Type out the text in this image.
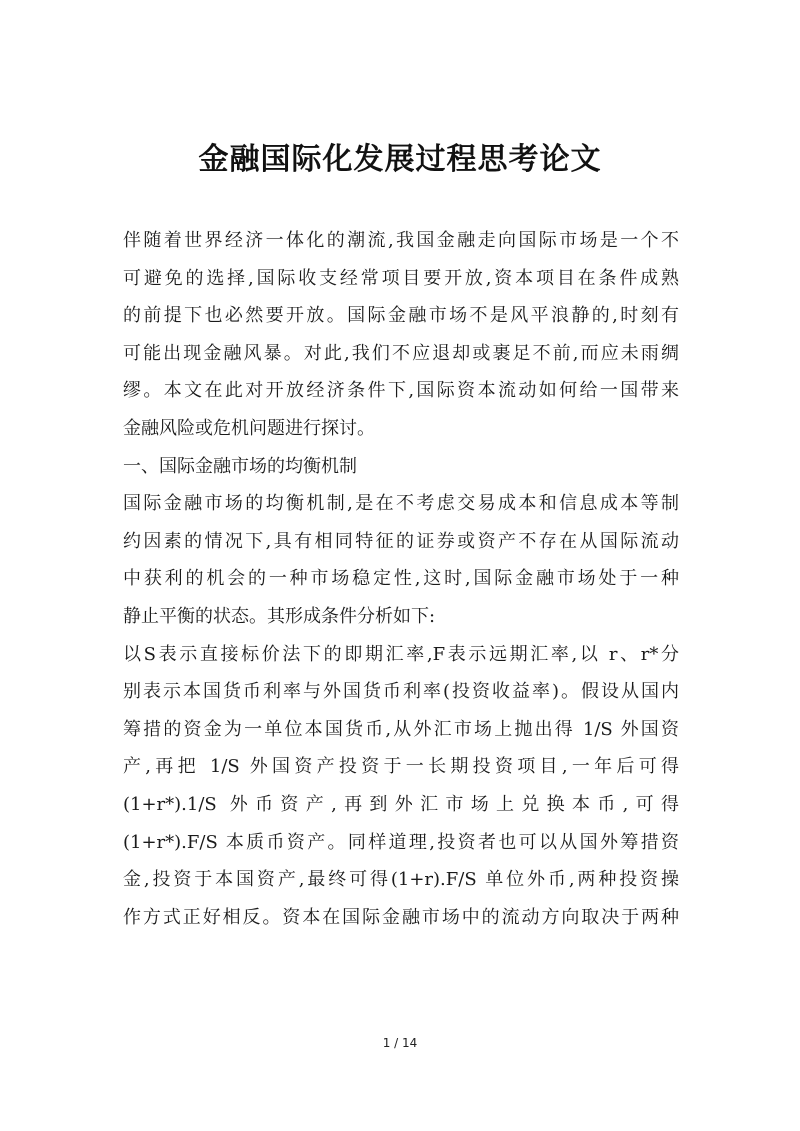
金融国际化发展过程思考论文
伴随着世界经济一体化的潮流,我国金融走向国际市场是一个不
可避免的选择,国际收支经常项目要开放,资本项目在条件成熟
的前提下也必然要开放。国际金融市场不是风平浪静的,时刻有
可能出现金融风暴。对此,我们不应退却或裹足不前,而应未雨绸
缪。本文在此对开放经济条件下,国际资本流动如何给一国带来
金融风险或危机问题进行探讨。
一、国际金融市场的均衡机制
国际金融市场的均衡机制,是在不考虑交易成本和信息成本等制
约因素的情况下,具有相同特征的证券或资产不存在从国际流动
中获利的机会的一种市场稳定性,这时,国际金融市场处于一种
静止平衡的状态。其形成条件分析如下:
以S表示直接标价法下的即期汇率,F表示远期汇率,以 r、r*分
别表示本国货币利率与外国货币利率(投资收益率)。假设从国内
筹措的资金为一单位本国货币,从外汇市场上抛出得 1/S 外国资
产,再把 1/S 外国资产投资于一长期投资项目,一年后可得
(1+r*).1/S 外币资产,再到外汇市场上兑换本币,可得
(1+r*).F/S 本质币资产。同样道理,投资者也可以从国外筹措资
金,投资于本国资产,最终可得(1+r).F/S 单位外币,两种投资操
作方式正好相反。资本在国际金融市场中的流动方向取决于两种
1 / 14
